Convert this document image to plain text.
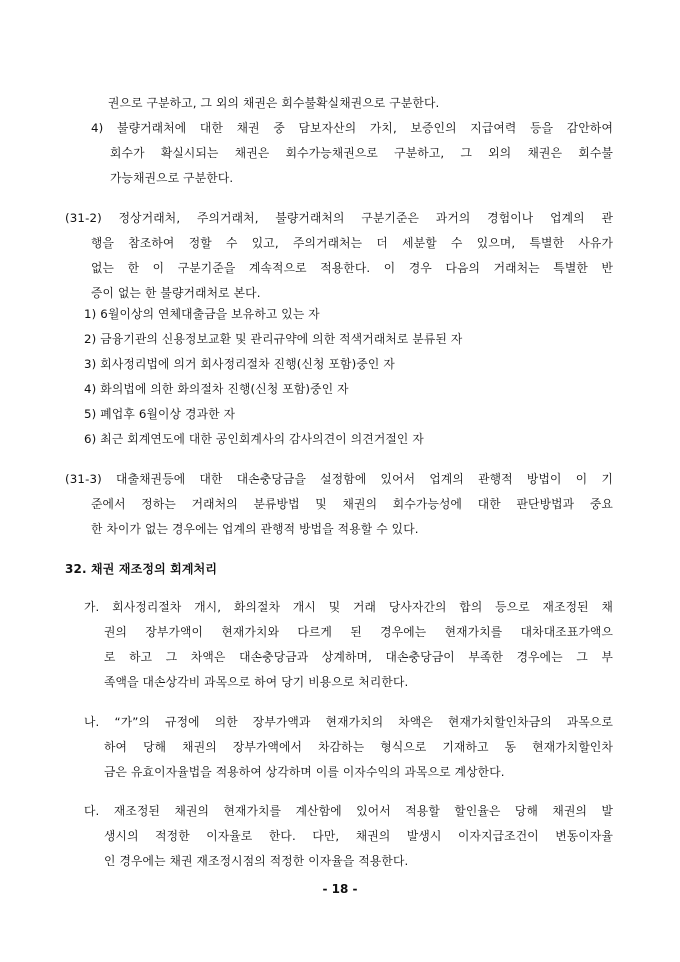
권으로 구분하고, 그 외의 채권은 회수불확실채권으로 구분한다.
4) 불량거래처에 대한 채권 중 담보자산의 가치, 보증인의 지급여력 등을 감안하여
회수가 확실시되는 채권은 회수가능채권으로 구분하고, 그 외의 채권은 회수불
가능채권으로 구분한다.
(31-2) 정상거래처, 주의거래처, 불량거래처의 구분기준은 과거의 경험이나 업계의 관
행을 참조하여 정할 수 있고, 주의거래처는 더 세분할 수 있으며, 특별한 사유가
없는 한 이 구분기준을 계속적으로 적용한다. 이 경우 다음의 거래처는 특별한 반
증이 없는 한 불량거래처로 본다.
1) 6월이상의 연체대출금을 보유하고 있는 자
2) 금융기관의 신용정보교환 및 관리규약에 의한 적색거래처로 분류된 자
3) 회사정리법에 의거 회사정리절차 진행(신청 포함)중인 자
4) 화의법에 의한 화의절차 진행(신청 포함)중인 자
5) 폐업후 6월이상 경과한 자
6) 최근 회계연도에 대한 공인회계사의 감사의견이 의견거절인 자
(31-3) 대출채권등에 대한 대손충당금을 설정함에 있어서 업계의 관행적 방법이 이 기
준에서 정하는 거래처의 분류방법 및 채권의 회수가능성에 대한 판단방법과 중요
한 차이가 없는 경우에는 업계의 관행적 방법을 적용할 수 있다.
32. 채권 재조정의 회계처리
가. 회사정리절차 개시, 화의절차 개시 및 거래 당사자간의 합의 등으로 재조정된 채
권의 장부가액이 현재가치와 다르게 된 경우에는 현재가치를 대차대조표가액으
로 하고 그 차액은 대손충당금과 상계하며, 대손충당금이 부족한 경우에는 그 부
족액을 대손상각비 과목으로 하여 당기 비용으로 처리한다.
나. “가”의 규정에 의한 장부가액과 현재가치의 차액은 현재가치할인차금의 과목으로
하여 당해 채권의 장부가액에서 차감하는 형식으로 기재하고 동 현재가치할인차
금은 유효이자율법을 적용하여 상각하며 이를 이자수익의 과목으로 계상한다.
다. 재조정된 채권의 현재가치를 계산함에 있어서 적용할 할인율은 당해 채권의 발
생시의 적정한 이자율로 한다. 다만, 채권의 발생시 이자지급조건이 변동이자율
인 경우에는 채권 재조정시점의 적정한 이자율을 적용한다.
- 18 -
